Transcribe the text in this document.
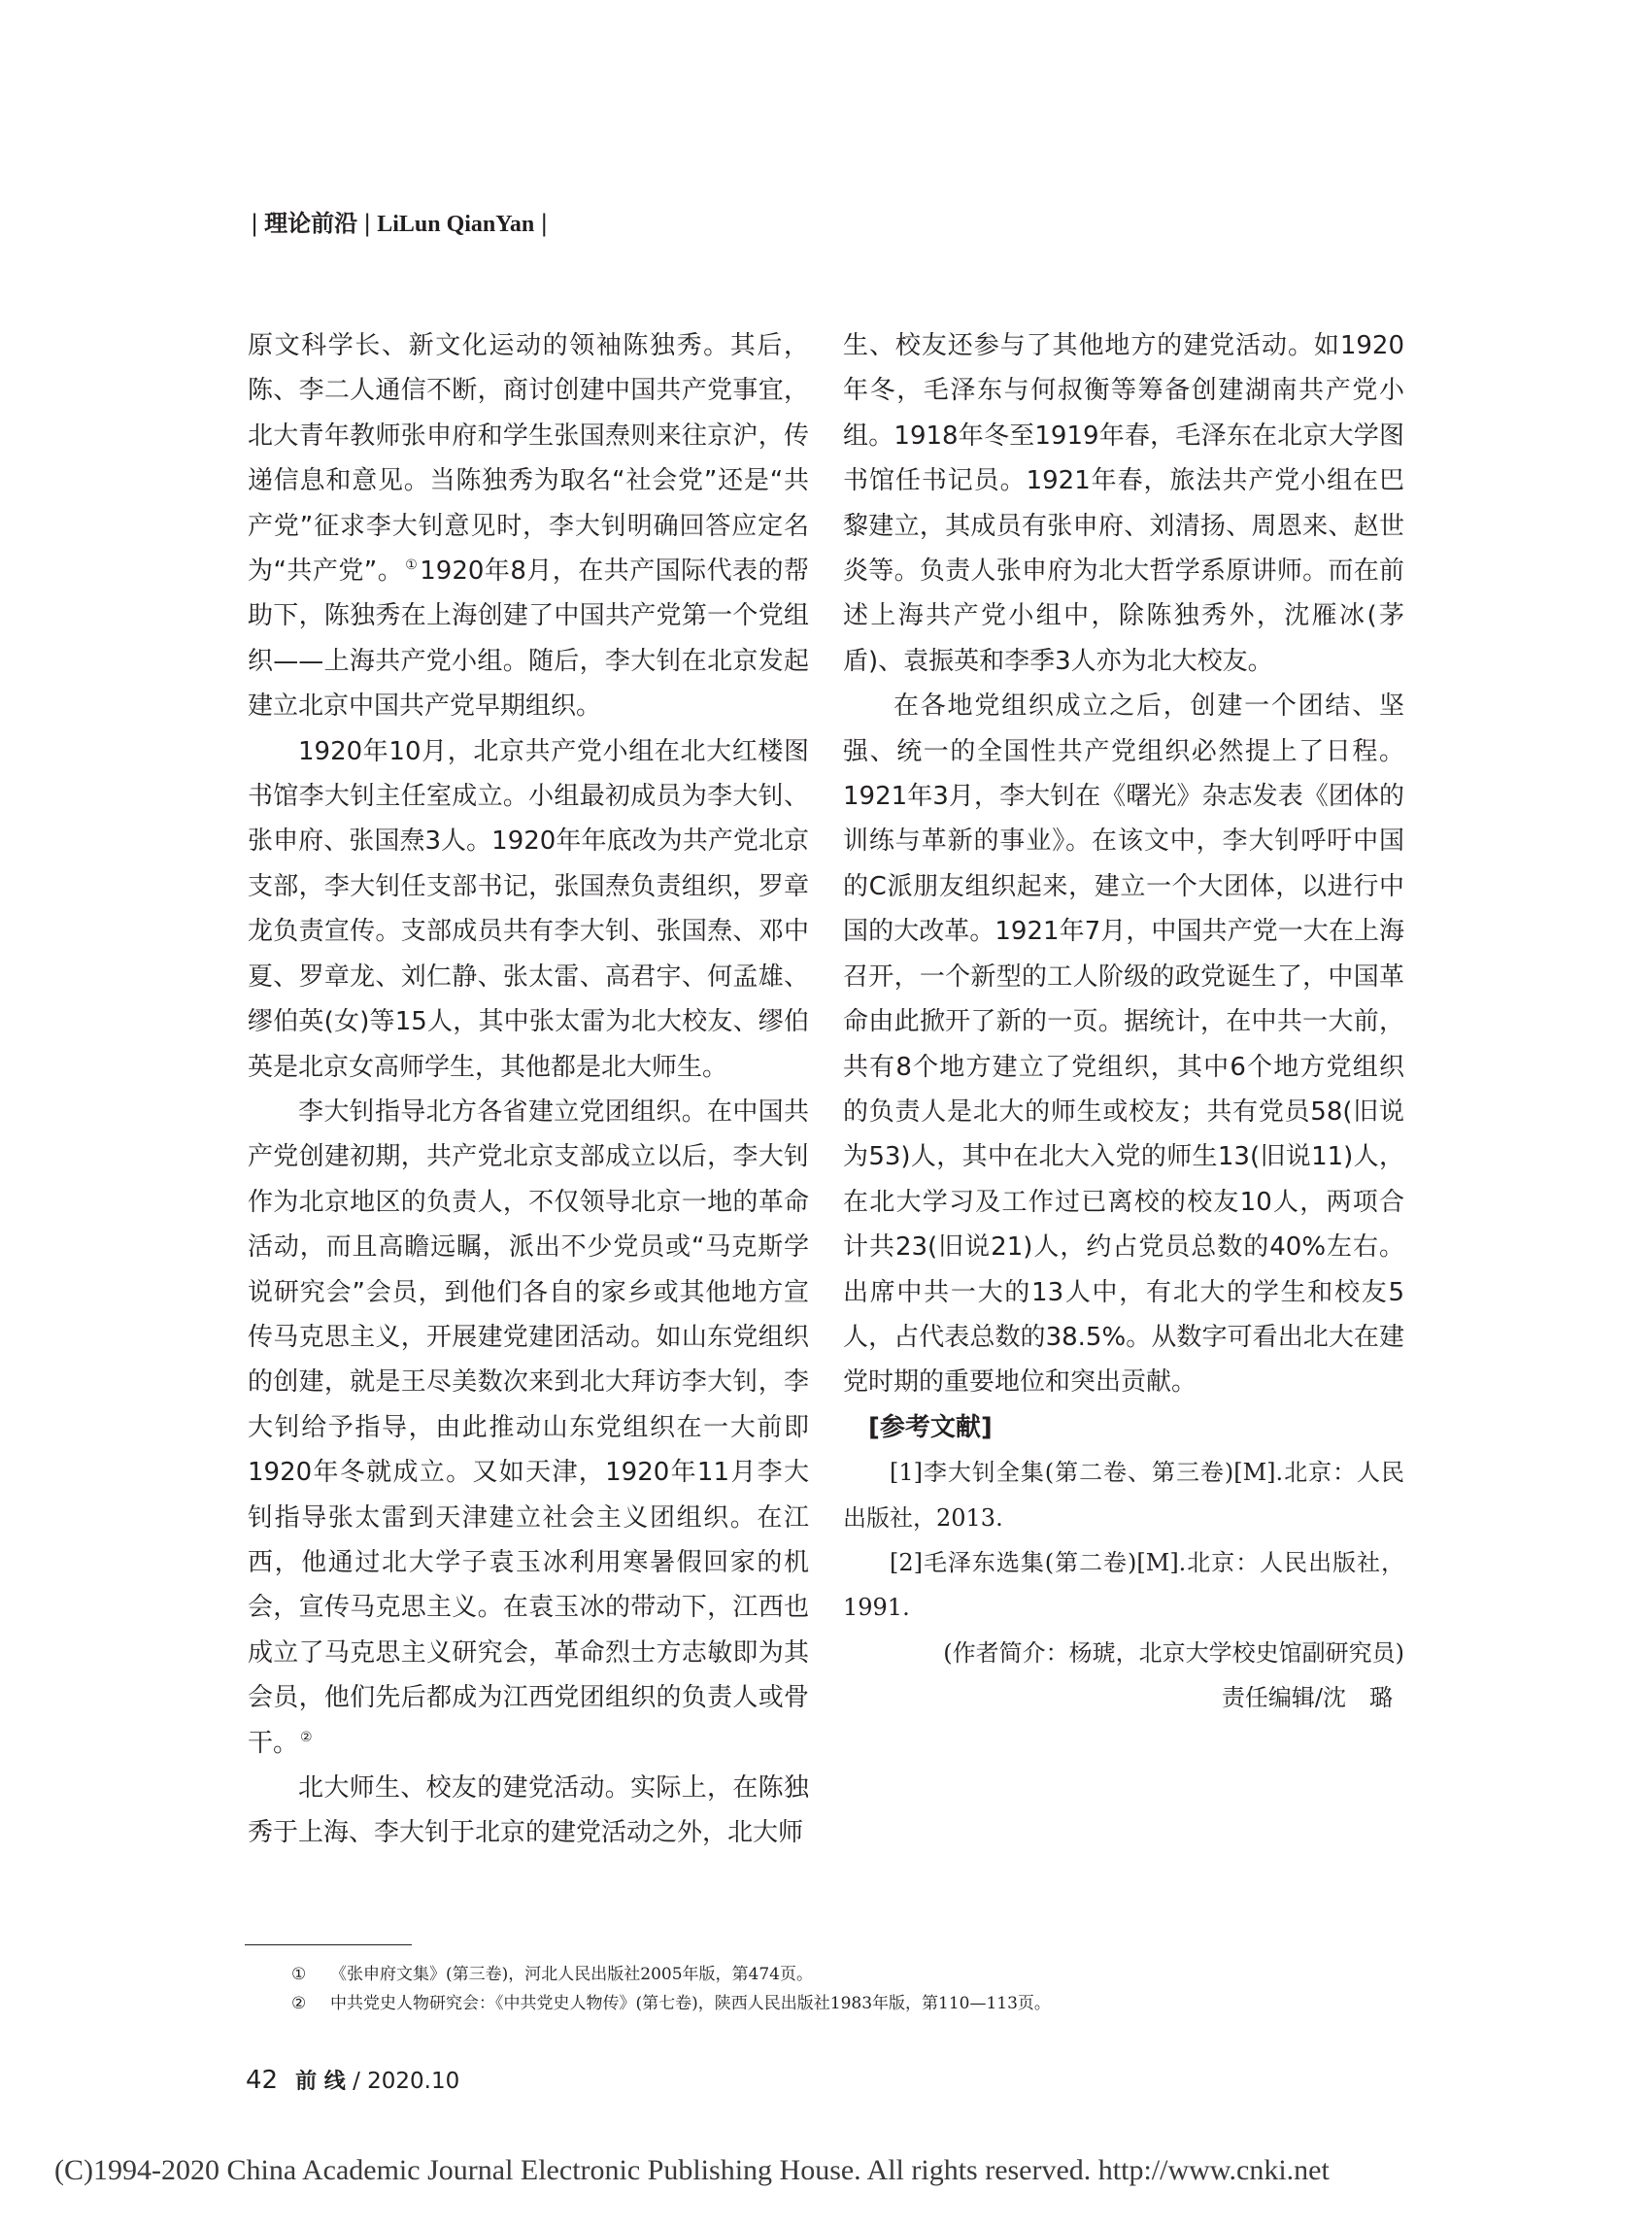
| 理论前沿 | LiLun QianYan |

原文科学长、新文化运动的领袖陈独秀。其后，陈、李二人通信不断，商讨创建中国共产党事宜，北大青年教师张申府和学生张国焘则来往京沪，传递信息和意见。当陈独秀为取名“社会党”还是“共产党”征求李大钊意见时，李大钊明确回答应定名为“共产党”。 ①1920年8月，在共产国际代表的帮助下，陈独秀在上海创建了中国共产党第一个党组织——上海共产党小组。随后，李大钊在北京发起建立北京中国共产党早期组织。

1920年10月，北京共产党小组在北大红楼图书馆李大钊主任室成立。小组最初成员为李大钊、张申府、张国焘3人。1920年年底改为共产党北京支部，李大钊任支部书记，张国焘负责组织，罗章龙负责宣传。支部成员共有李大钊、张国焘、邓中夏、罗章龙、刘仁静、张太雷、高君宇、何孟雄、缪伯英(女)等15人，其中张太雷为北大校友、缪伯英是北京女高师学生，其他都是北大师生。

李大钊指导北方各省建立党团组织。在中国共产党创建初期，共产党北京支部成立以后，李大钊作为北京地区的负责人，不仅领导北京一地的革命活动，而且高瞻远瞩，派出不少党员或“马克斯学说研究会”会员，到他们各自的家乡或其他地方宣传马克思主义，开展建党建团活动。如山东党组织的创建，就是王尽美数次来到北大拜访李大钊，李大钊给予指导，由此推动山东党组织在一大前即1920年冬就成立。又如天津，1920年11月李大钊指导张太雷到天津建立社会主义团组织。在江西，他通过北大学子袁玉冰利用寒暑假回家的机会，宣传马克思主义。在袁玉冰的带动下，江西也成立了马克思主义研究会，革命烈士方志敏即为其会员，他们先后都成为江西党团组织的负责人或骨干。 ②

北大师生、校友的建党活动。实际上，在陈独秀于上海、李大钊于北京的建党活动之外，北大师

生、校友还参与了其他地方的建党活动。如1920年冬，毛泽东与何叔衡等筹备创建湖南共产党小组。1918年冬至1919年春，毛泽东在北京大学图书馆任书记员。1921年春，旅法共产党小组在巴黎建立，其成员有张申府、刘清扬、周恩来、赵世炎等。负责人张申府为北大哲学系原讲师。而在前述上海共产党小组中，除陈独秀外，沈雁冰(茅盾)、袁振英和李季3人亦为北大校友。

在各地党组织成立之后，创建一个团结、坚强、统一的全国性共产党组织必然提上了日程。1921年3月，李大钊在《曙光》杂志发表《团体的训练与革新的事业》。在该文中，李大钊呼吁中国的C派朋友组织起来，建立一个大团体，以进行中国的大改革。1921年7月，中国共产党一大在上海召开，一个新型的工人阶级的政党诞生了，中国革命由此掀开了新的一页。据统计，在中共一大前，共有8个地方建立了党组织，其中6个地方党组织的负责人是北大的师生或校友；共有党员58(旧说为53)人，其中在北大入党的师生13(旧说11)人，在北大学习及工作过已离校的校友10人，两项合计共23(旧说21)人，约占党员总数的40%左右。出席中共一大的13人中，有北大的学生和校友5人，占代表总数的38.5%。从数字可看出北大在建党时期的重要地位和突出贡献。

[参考文献]

[1]李大钊全集(第二卷、第三卷)[M].北京：人民出版社，2013.

[2]毛泽东选集(第二卷)[M].北京：人民出版社，1991.

(作者简介：杨琥，北京大学校史馆副研究员)

责任编辑/沈　璐

① 《张申府文集》(第三卷)，河北人民出版社2005年版，第474页。
② 中共党史人物研究会：《中共党史人物传》(第七卷)，陕西人民出版社1983年版，第110—113页。
42 前 线 / 2020.10
(C)1994-2020 China Academic Journal Electronic Publishing House. All rights reserved. http://www.cnki.net
